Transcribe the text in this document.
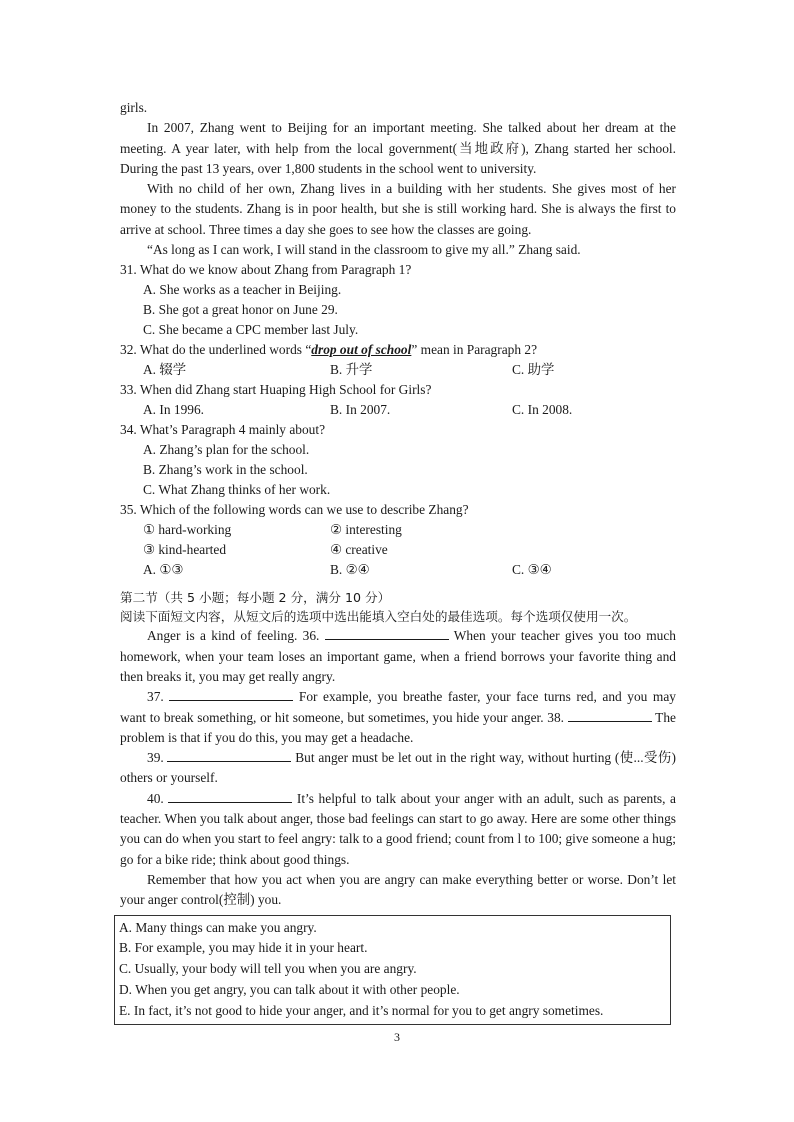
girls.

In 2007, Zhang went to Beijing for an important meeting. She talked about her dream at the meeting. A year later, with help from the local government(当地政府), Zhang started her school. During the past 13 years, over 1,800 students in the school went to university.

With no child of her own, Zhang lives in a building with her students. She gives most of her money to the students. Zhang is in poor health, but she is still working hard. She is always the first to arrive at school. Three times a day she goes to see how the classes are going.

“As long as I can work, I will stand in the classroom to give my all.” Zhang said.

31. What do we know about Zhang from Paragraph 1?

A. She works as a teacher in Beijing.

B. She got a great honor on June 29.

C. She became a CPC member last July.

32. What do the underlined words “drop out of school” mean in Paragraph 2?

A. 辍学	B. 升学	C. 助学

33. When did Zhang start Huaping High School for Girls?

A. In 1996.	B. In 2007.	C. In 2008.

34. What’s Paragraph 4 mainly about?

A. Zhang’s plan for the school.

B. Zhang’s work in the school.

C. What Zhang thinks of her work.

35. Which of the following words can we use to describe Zhang?

① hard-working	② interesting
③ kind-hearted	④ creative
A. ①③	B. ②④	C. ③④

第二节（共 5 小题；每小题 2 分，满分 10 分）

阅读下面短文内容，从短文后的选项中选出能填入空白处的最佳选项。每个选项仅使用一次。

Anger is a kind of feeling. 36.	When your teacher gives you too much homework, when your team loses an important game, when a friend borrows your favorite thing and then breaks it, you may get really angry.

37.	For example, you breathe faster, your face turns red, and you may want to break something, or hit someone, but sometimes, you hide your anger. 38.	The problem is that if you do this, you may get a headache.

39.	But anger must be let out in the right way, without hurting (使...受伤) others or yourself.

40.	It’s helpful to talk about your anger with an adult, such as parents, a teacher. When you talk about anger, those bad feelings can start to go away. Here are some other things you can do when you start to feel angry: talk to a good friend; count from l to 100; give someone a hug; go for a bike ride; think about good things.

Remember that how you act when you are angry can make everything better or worse. Don’t let your anger control(控制) you.

A. Many things can make you angry.

B. For example, you may hide it in your heart.

C. Usually, your body will tell you when you are angry.

D. When you get angry, you can talk about it with other people.

E. In fact, it’s not good to hide your anger, and it’s normal for you to get angry sometimes.

3
